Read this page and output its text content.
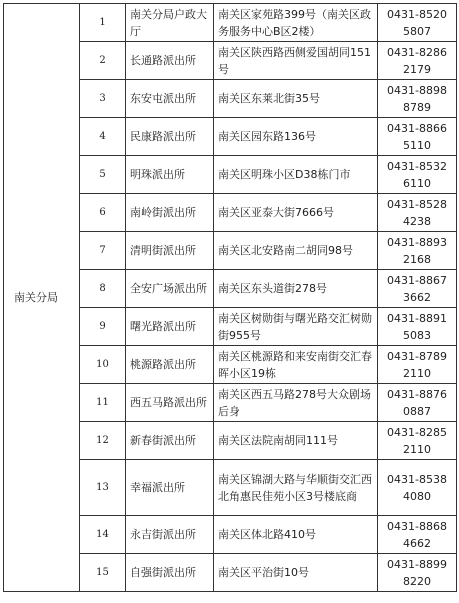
南关分局	1	南关分局户政大厅	南关区家苑路399号（南关区政务服务中心B区2楼）	0431-85205807
	2	长通路派出所	南关区陕西路西侧爱国胡同151号	0431-82862179
	3	东安屯派出所	南关区东莱北街35号	0431-88988789
	4	民康路派出所	南关区园东路136号	0431-88665110
	5	明珠派出所	南关区明珠小区D38栋门市	0431-85326110
	6	南岭街派出所	南关区亚泰大街7666号	0431-85284238
	7	清明街派出所	南关区北安路南二胡同98号	0431-88932168
	8	全安广场派出所	南关区东头道街278号	0431-88673662
	9	曙光路派出所	南关区树勋街与曙光路交汇树勋街955号	0431-88915083
	10	桃源路派出所	南关区桃源路和来安南街交汇春晖小区19栋	0431-87892110
	11	西五马路派出所	南关区西五马路278号大众剧场后身	0431-88760887
	12	新春街派出所	南关区法院南胡同111号	0431-82852110
	13	幸福派出所	南关区锦湖大路与华顺街交汇西北角惠民佳苑小区3号楼底商	0431-85384080
	14	永吉街派出所	南关区体北路410号	0431-88684662
	15	自强街派出所	南关区平治街10号	0431-88998220
